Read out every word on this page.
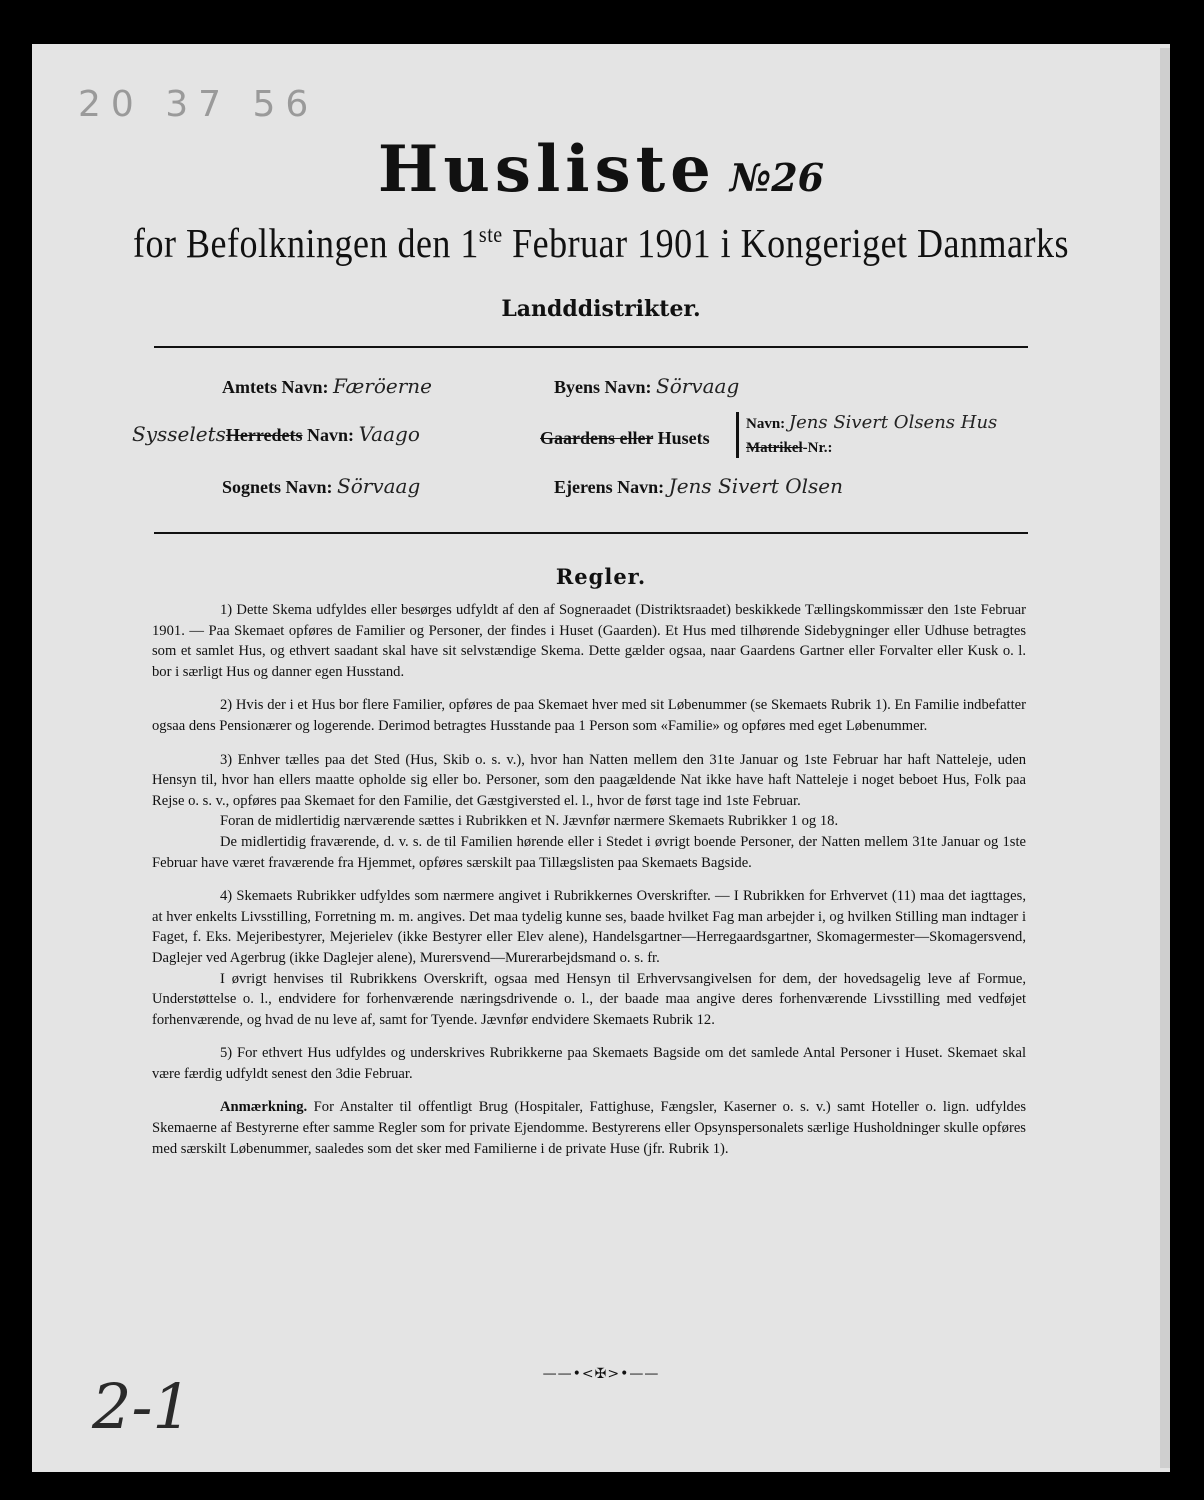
20 37 56
Husliste №26
for Befolkningen den 1ste Februar 1901 i Kongeriget Danmarks
Landddistrikter.
Amtets Navn: Færöerne	Byens Navn: Sörvaag
SysseletsHerredets Navn: Vaago	Gaardens eller Husets
Navn: Jens Sivert Olsens Hus
Matrikel-Nr.:
Sognets Navn: Sörvaag	Ejerens Navn: Jens Sivert Olsen
Regler.

1) Dette Skema udfyldes eller besørges udfyldt af den af Sogneraadet (Distriktsraadet) beskikkede Tællingskommissær den 1ste Februar 1901. — Paa Skemaet opføres de Familier og Personer, der findes i Huset (Gaarden). Et Hus med tilhørende Sidebygninger eller Udhuse betragtes som et samlet Hus, og ethvert saadant skal have sit selvstændige Skema. Dette gælder ogsaa, naar Gaardens Gartner eller Forvalter eller Kusk o. l. bor i særligt Hus og danner egen Husstand.

2) Hvis der i et Hus bor flere Familier, opføres de paa Skemaet hver med sit Løbenummer (se Skemaets Rubrik 1). En Familie indbefatter ogsaa dens Pensionærer og logerende. Derimod betragtes Husstande paa 1 Person som «Familie» og opføres med eget Løbenummer.

3) Enhver tælles paa det Sted (Hus, Skib o. s. v.), hvor han Natten mellem den 31te Januar og 1ste Februar har haft Natteleje, uden Hensyn til, hvor han ellers maatte opholde sig eller bo. Personer, som den paagældende Nat ikke have haft Natteleje i noget beboet Hus, Folk paa Rejse o. s. v., opføres paa Skemaet for den Familie, det Gæstgiversted el. l., hvor de først tage ind 1ste Februar.

Foran de midlertidig nærværende sættes i Rubrikken et N. Jævnfør nærmere Skemaets Rubrikker 1 og 18.

De midlertidig fraværende, d. v. s. de til Familien hørende eller i Stedet i øvrigt boende Personer, der Natten mellem 31te Januar og 1ste Februar have været fraværende fra Hjemmet, opføres særskilt paa Tillægslisten paa Skemaets Bagside.

4) Skemaets Rubrikker udfyldes som nærmere angivet i Rubrikkernes Overskrifter. — I Rubrikken for Erhvervet (11) maa det iagttages, at hver enkelts Livsstilling, Forretning m. m. angives. Det maa tydelig kunne ses, baade hvilket Fag man arbejder i, og hvilken Stilling man indtager i Faget, f. Eks. Mejeribestyrer, Mejerielev (ikke Bestyrer eller Elev alene), Handelsgartner—Herregaardsgartner, Skomagermester—Skomagersvend, Daglejer ved Agerbrug (ikke Daglejer alene), Murersvend—Murerarbejdsmand o. s. fr.

I øvrigt henvises til Rubrikkens Overskrift, ogsaa med Hensyn til Erhvervsangivelsen for dem, der hovedsagelig leve af Formue, Understøttelse o. l., endvidere for forhenværende næringsdrivende o. l., der baade maa angive deres forhenværende Livsstilling med vedføjet forhenværende, og hvad de nu leve af, samt for Tyende. Jævnfør endvidere Skemaets Rubrik 12.

5) For ethvert Hus udfyldes og underskrives Rubrikkerne paa Skemaets Bagside om det samlede Antal Personer i Huset. Skemaet skal være færdig udfyldt senest den 3die Februar.

Anmærkning. For Anstalter til offentligt Brug (Hospitaler, Fattighuse, Fængsler, Kaserner o. s. v.) samt Hoteller o. lign. udfyldes Skemaerne af Bestyrerne efter samme Regler som for private Ejendomme. Bestyrerens eller Opsynspersonalets særlige Husholdninger skulle opføres med særskilt Løbenummer, saaledes som det sker med Familierne i de private Huse (jfr. Rubrik 1).

——•<✠>•——
2-1
